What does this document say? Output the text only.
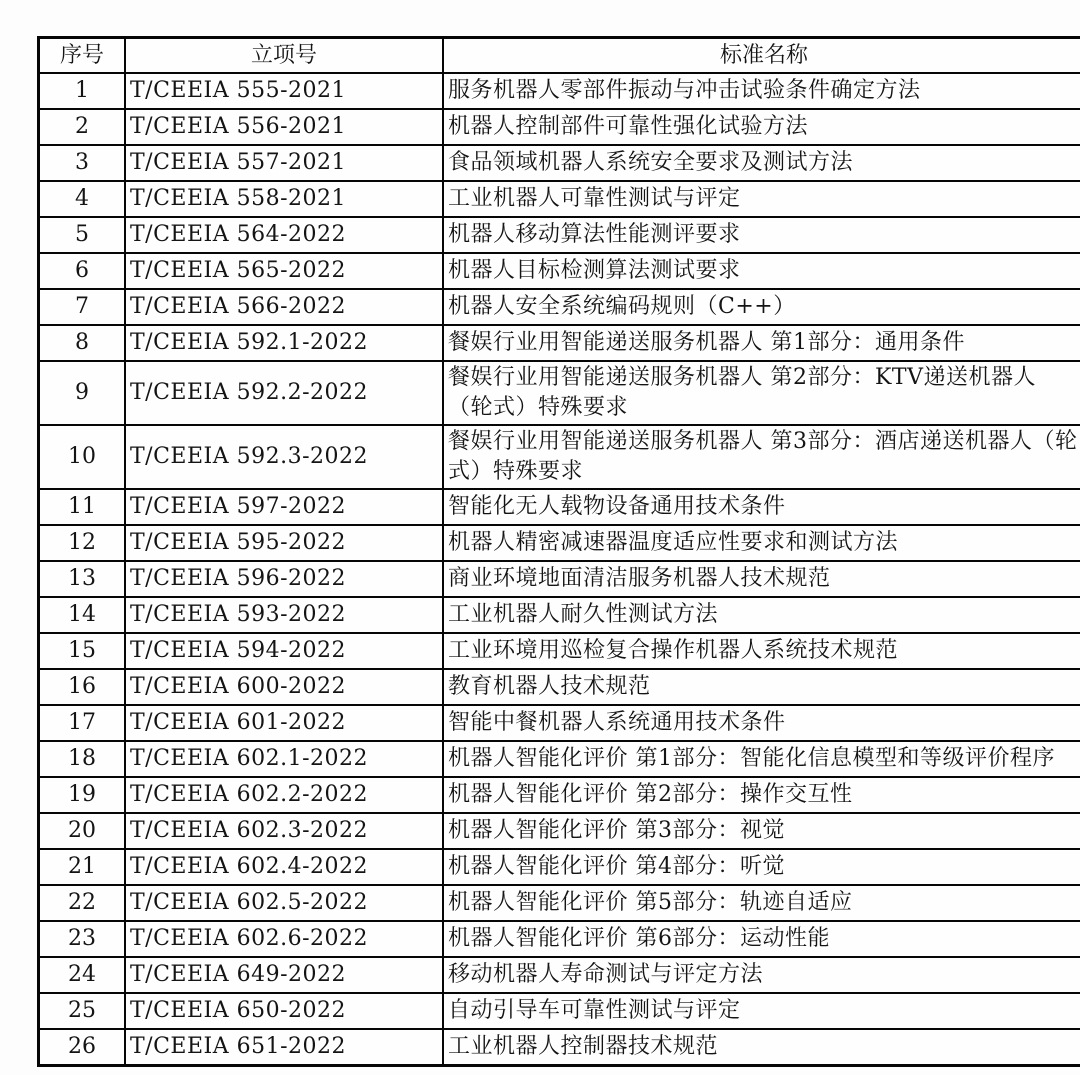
序号	立项号	标准名称
1	T/CEEIA 555-2021	服务机器人零部件振动与冲击试验条件确定方法
2	T/CEEIA 556-2021	机器人控制部件可靠性强化试验方法
3	T/CEEIA 557-2021	食品领域机器人系统安全要求及测试方法
4	T/CEEIA 558-2021	工业机器人可靠性测试与评定
5	T/CEEIA 564-2022	机器人移动算法性能测评要求
6	T/CEEIA 565-2022	机器人目标检测算法测试要求
7	T/CEEIA 566-2022	机器人安全系统编码规则（C++）
8	T/CEEIA 592.1-2022	餐娱行业用智能递送服务机器人 第1部分：通用条件
9	T/CEEIA 592.2-2022	餐娱行业用智能递送服务机器人 第2部分：KTV递送机器人（轮式）特殊要求
10	T/CEEIA 592.3-2022	餐娱行业用智能递送服务机器人 第3部分：酒店递送机器人（轮式）特殊要求
11	T/CEEIA 597-2022	智能化无人载物设备通用技术条件
12	T/CEEIA 595-2022	机器人精密减速器温度适应性要求和测试方法
13	T/CEEIA 596-2022	商业环境地面清洁服务机器人技术规范
14	T/CEEIA 593-2022	工业机器人耐久性测试方法
15	T/CEEIA 594-2022	工业环境用巡检复合操作机器人系统技术规范
16	T/CEEIA 600-2022	教育机器人技术规范
17	T/CEEIA 601-2022	智能中餐机器人系统通用技术条件
18	T/CEEIA 602.1-2022	机器人智能化评价 第1部分：智能化信息模型和等级评价程序
19	T/CEEIA 602.2-2022	机器人智能化评价 第2部分：操作交互性
20	T/CEEIA 602.3-2022	机器人智能化评价 第3部分：视觉
21	T/CEEIA 602.4-2022	机器人智能化评价 第4部分：听觉
22	T/CEEIA 602.5-2022	机器人智能化评价 第5部分：轨迹自适应
23	T/CEEIA 602.6-2022	机器人智能化评价 第6部分：运动性能
24	T/CEEIA 649-2022	移动机器人寿命测试与评定方法
25	T/CEEIA 650-2022	自动引导车可靠性测试与评定
26	T/CEEIA 651-2022	工业机器人控制器技术规范
